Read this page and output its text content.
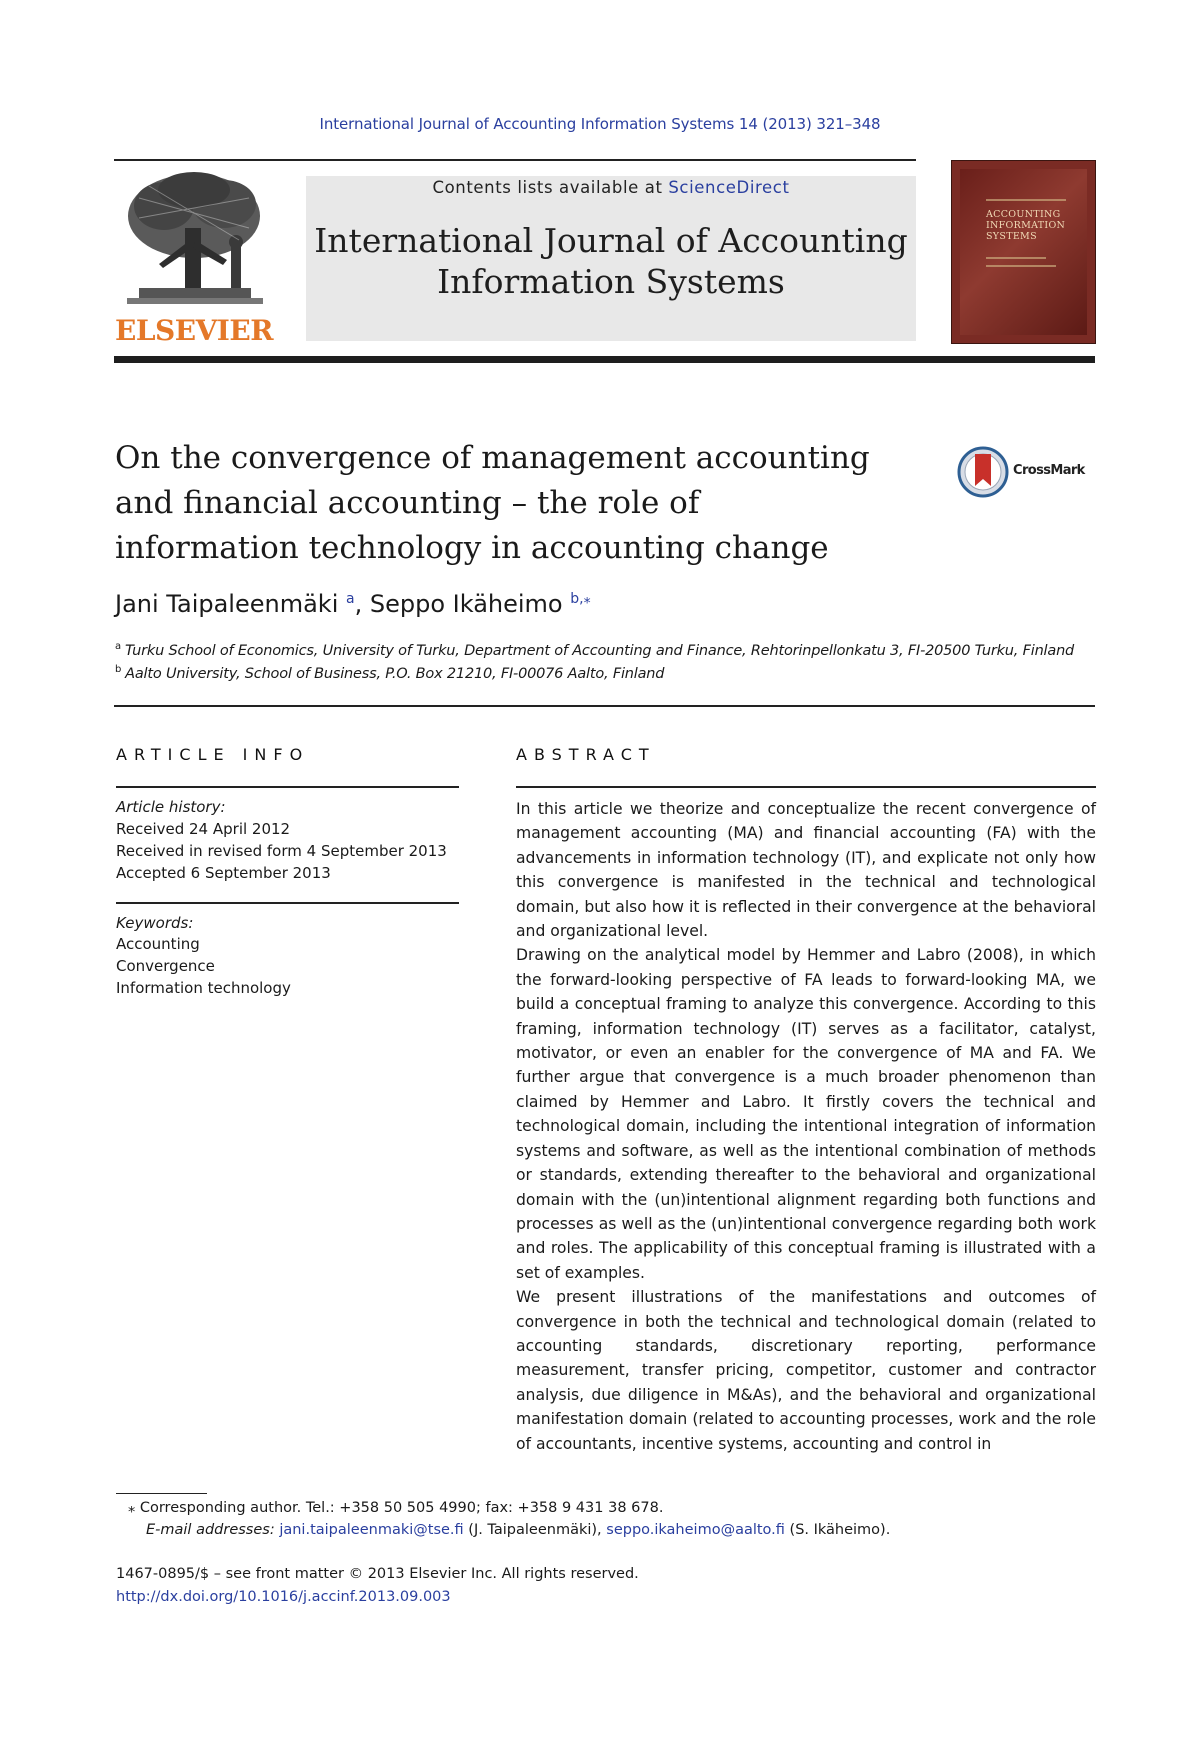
International Journal of Accounting Information Systems 14 (2013) 321–348
ELSEVIER
Contents lists available at ScienceDirect
International Journal of Accounting
Information Systems
ACCOUNTING
INFORMATION
SYSTEMS
On the convergence of management accounting
and financial accounting – the role of
information technology in accounting change
CrossMark
Jani Taipaleenmäki $^a$, Seppo Ikäheimo $^{b,⁎}$
$^a$ Turku School of Economics, University of Turku, Department of Accounting and Finance, Rehtorinpellonkatu 3, FI-20500 Turku, Finland
$^b$ Aalto University, School of Business, P.O. Box 21210, FI-00076 Aalto, Finland
ARTICLE INFO
Article history:
Received 24 April 2012
Received in revised form 4 September 2013
Accepted 6 September 2013
Keywords:
Accounting
Convergence
Information technology
ABSTRACT

In this article we theorize and conceptualize the recent convergence of management accounting (MA) and financial accounting (FA) with the advancements in information technology (IT), and explicate not only how this convergence is manifested in the technical and technological domain, but also how it is reflected in their convergence at the behavioral and organizational level.

Drawing on the analytical model by Hemmer and Labro (2008), in which the forward-looking perspective of FA leads to forward-looking MA, we build a conceptual framing to analyze this convergence. According to this framing, information technology (IT) serves as a facilitator, catalyst, motivator, or even an enabler for the convergence of MA and FA. We further argue that convergence is a much broader phenomenon than claimed by Hemmer and Labro. It firstly covers the technical and technological domain, including the intentional integration of information systems and software, as well as the intentional combination of methods or standards, extending thereafter to the behavioral and organizational domain with the (un)intentional alignment regarding both functions and processes as well as the (un)intentional convergence regarding both work and roles. The applicability of this conceptual framing is illustrated with a set of examples.

We present illustrations of the manifestations and outcomes of convergence in both the technical and technological domain (related to accounting standards, discretionary reporting, performance measurement, transfer pricing, competitor, customer and contractor analysis, due diligence in M&As), and the behavioral and organizational manifestation domain (related to accounting processes, work and the role of accountants, incentive systems, accounting and control in

⁎ Corresponding author. Tel.: +358 50 505 4990; fax: +358 9 431 38 678.
E-mail addresses: jani.taipaleenmaki@tse.fi (J. Taipaleenmäki), seppo.ikaheimo@aalto.fi (S. Ikäheimo).
1467-0895/$ – see front matter © 2013 Elsevier Inc. All rights reserved.
http://dx.doi.org/10.1016/j.accinf.2013.09.003
